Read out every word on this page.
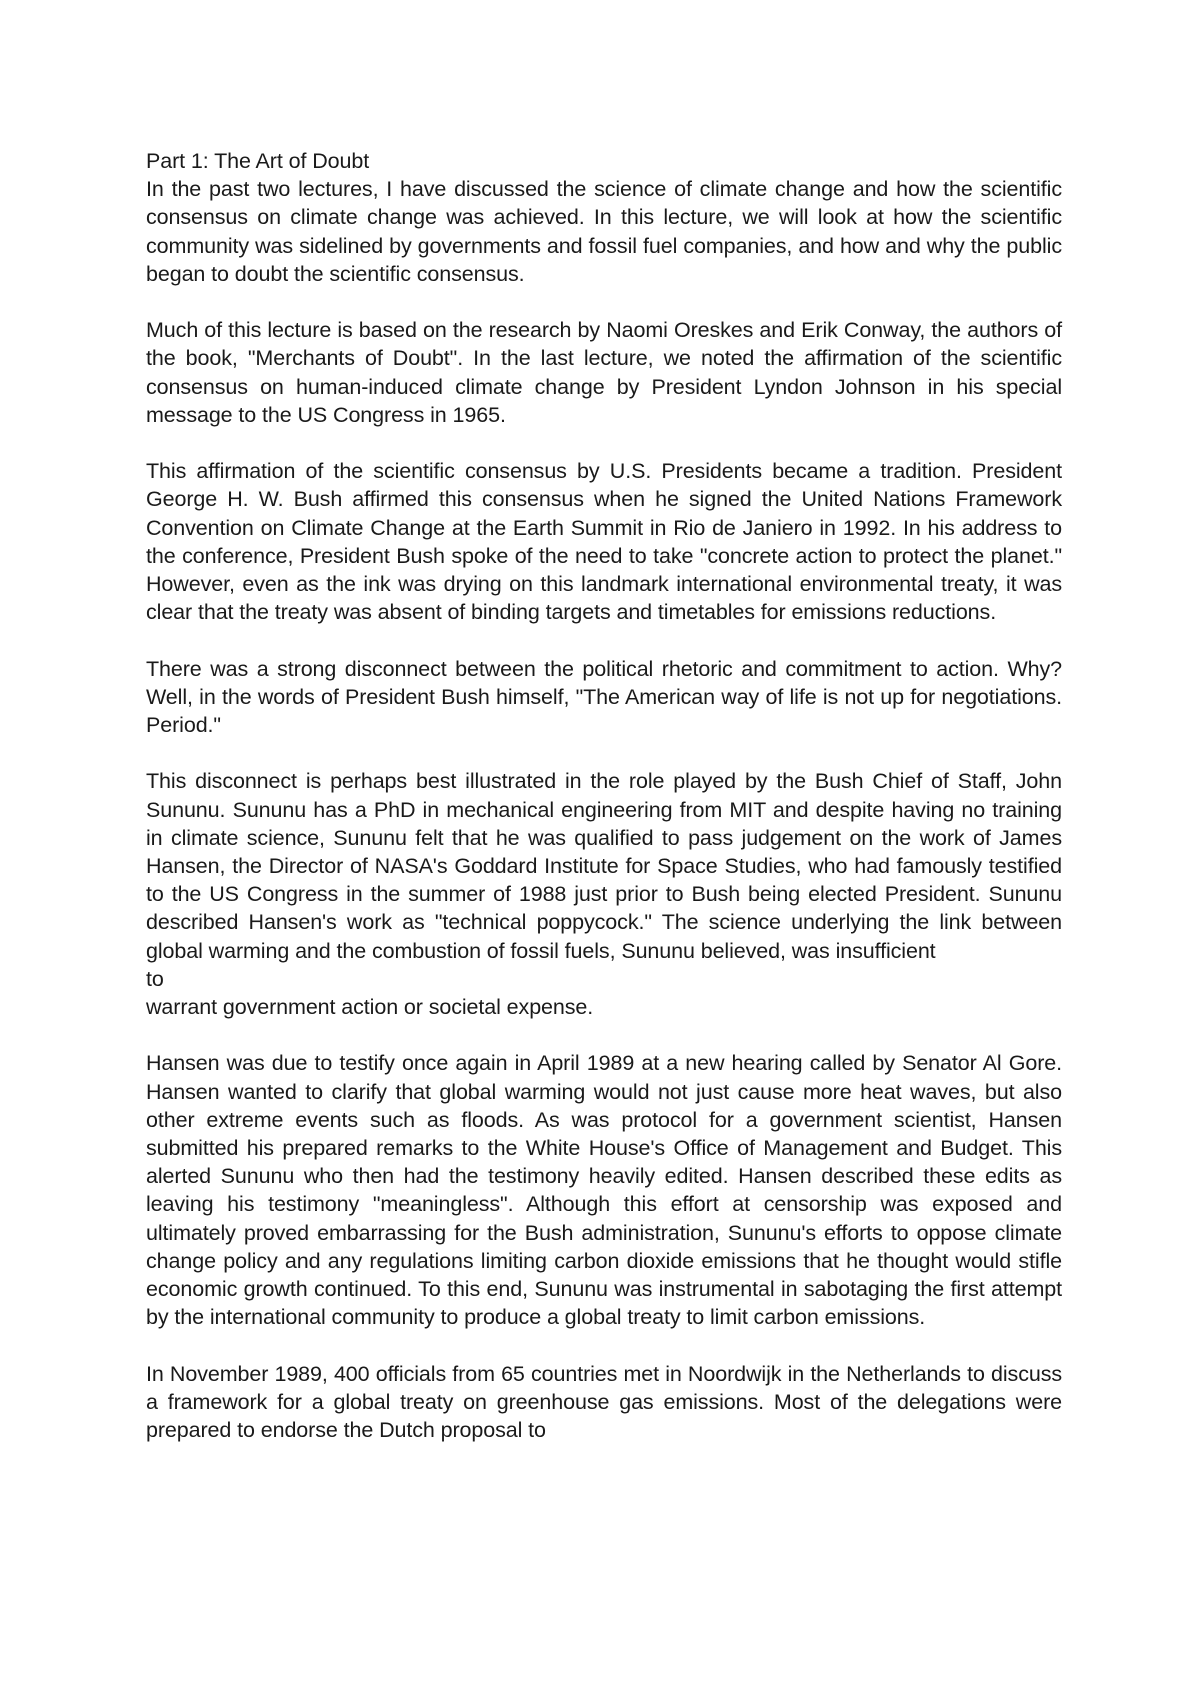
Part 1: The Art of Doubt

In the past two lectures, I have discussed the science of climate change and how the scientific consensus on climate change was achieved. In this lecture, we will look at how the scientific community was sidelined by governments and fossil fuel companies, and how and why the public began to doubt the scientific consensus.

Much of this lecture is based on the research by Naomi Oreskes and Erik Conway, the authors of the book, "Merchants of Doubt". In the last lecture, we noted the affirmation of the scientific consensus on human-induced climate change by President Lyndon Johnson in his special message to the US Congress in 1965.

This affirmation of the scientific consensus by U.S. Presidents became a tradition. President George H. W. Bush affirmed this consensus when he signed the United Nations Framework Convention on Climate Change at the Earth Summit in Rio de Janiero in 1992. In his address to the conference, President Bush spoke of the need to take "concrete action to protect the planet." However, even as the ink was drying on this landmark international environmental treaty, it was clear that the treaty was absent of binding targets and timetables for emissions reductions.

There was a strong disconnect between the political rhetoric and commitment to action. Why? Well, in the words of President Bush himself, "The American way of life is not up for negotiations. Period."

This disconnect is perhaps best illustrated in the role played by the Bush Chief of Staff, John Sununu. Sununu has a PhD in mechanical engineering from MIT and despite having no training in climate science, Sununu felt that he was qualified to pass judgement on the work of James Hansen, the Director of NASA's Goddard Institute for Space Studies, who had famously testified to the US Congress in the summer of 1988 just prior to Bush being elected President. Sununu described Hansen's work as "technical poppycock." The science underlying the link between global warming and the combustion of fossil fuels, Sununu believed, was insufficient

to

warrant government action or societal expense.

Hansen was due to testify once again in April 1989 at a new hearing called by Senator Al Gore. Hansen wanted to clarify that global warming would not just cause more heat waves, but also other extreme events such as floods. As was protocol for a government scientist, Hansen submitted his prepared remarks to the White House's Office of Management and Budget. This alerted Sununu who then had the testimony heavily edited. Hansen described these edits as leaving his testimony "meaningless". Although this effort at censorship was exposed and ultimately proved embarrassing for the Bush administration, Sununu's efforts to oppose climate change policy and any regulations limiting carbon dioxide emissions that he thought would stifle economic growth continued. To this end, Sununu was instrumental in sabotaging the first attempt by the international community to produce a global treaty to limit carbon emissions.

In November 1989, 400 officials from 65 countries met in Noordwijk in the Netherlands to discuss a framework for a global treaty on greenhouse gas emissions. Most of the delegations were prepared to endorse the Dutch proposal to
